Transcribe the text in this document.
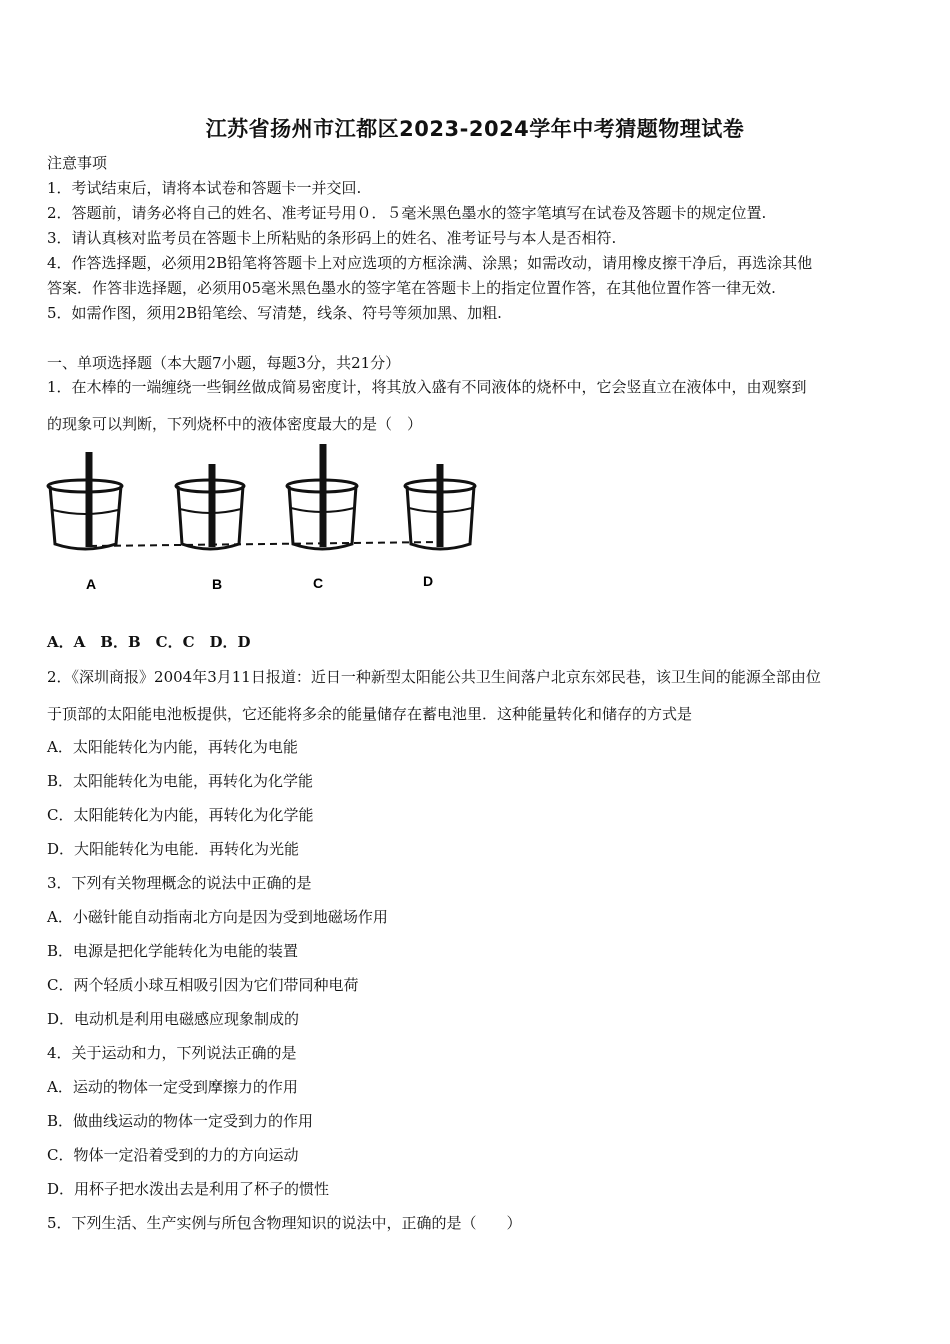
江苏省扬州市江都区2023-2024学年中考猜题物理试卷
注意事项
1．考试结束后，请将本试卷和答题卡一并交回.
2．答题前，请务必将自己的姓名、准考证号用０．５毫米黑色墨水的签字笔填写在试卷及答题卡的规定位置.
3．请认真核对监考员在答题卡上所粘贴的条形码上的姓名、准考证号与本人是否相符.
4．作答选择题，必须用2B铅笔将答题卡上对应选项的方框涂满、涂黑；如需改动，请用橡皮擦干净后，再选涂其他
答案．作答非选择题，必须用05毫米黑色墨水的签字笔在答题卡上的指定位置作答，在其他位置作答一律无效.
5．如需作图，须用2B铅笔绘、写清楚，线条、符号等须加黑、加粗.
一、单项选择题（本大题7小题，每题3分，共21分）
1．在木棒的一端缠绕一些铜丝做成简易密度计，将其放入盛有不同液体的烧杯中，它会竖直立在液体中，由观察到
的现象可以判断，下列烧杯中的液体密度最大的是（　）
A	B	C	D
A．A　B．B　C．C　D．D
2．《深圳商报》2004年3月11日报道：近日一种新型太阳能公共卫生间落户北京东郊民巷，该卫生间的能源全部由位
于顶部的太阳能电池板提供，它还能将多余的能量储存在蓄电池里．这种能量转化和储存的方式是
A．太阳能转化为内能，再转化为电能
B．太阳能转化为电能，再转化为化学能
C．太阳能转化为内能，再转化为化学能
D．大阳能转化为电能．再转化为光能
3．下列有关物理概念的说法中正确的是
A．小磁针能自动指南北方向是因为受到地磁场作用
B．电源是把化学能转化为电能的装置
C．两个轻质小球互相吸引因为它们带同种电荷
D．电动机是利用电磁感应现象制成的
4．关于运动和力，下列说法正确的是
A．运动的物体一定受到摩擦力的作用
B．做曲线运动的物体一定受到力的作用
C．物体一定沿着受到的力的方向运动
D．用杯子把水泼出去是利用了杯子的惯性
5．下列生活、生产实例与所包含物理知识的说法中，正确的是（　　）
